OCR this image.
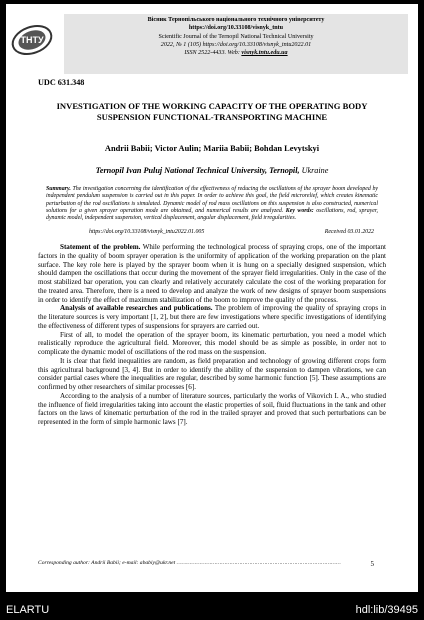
ТНТУ
Вісник Тернопільського національного технічного університету
https://doi.org/10.33108/visnyk_tntu
Scientific Journal of the Ternopil National Technical University
2022, № 1 (105) https://doi.org/10.33108/visnyk_tntu2022.01
ISSN 2522-4433. Web: visnyk.tntu.edu.ua
UDC 631.348
INVESTIGATION OF THE WORKING CAPACITY OF THE OPERATING BODY SUSPENSION FUNCTIONAL-TRANSPORTING MACHINE
Andrii Babii; Victor Aulin; Mariia Babii; Bohdan Levytskyi
Ternopil Ivan Puluj National Technical University, Ternopil, Ukraine
Summary. The investigation concerning the identification of the effectiveness of reducing the oscillations of the sprayer boom developed by independent pendulum suspension is carried out in this paper. In order to achieve this goal, the field microrelief, which creates kinematic perturbation of the rod oscillations is simulated. Dynamic model of rod mass oscillations on this suspension is also constructed, numerical solutions for a given sprayer operation mode are obtained, and numerical results are analyzed. Key words: oscillations, rod, sprayer, dynamic model, independent suspension, vertical displacement, angular displacement, field irregularities.
https://doi.org/10.33108/visnyk_tntu2022.01.005	Received 03.01.2022

Statement of the problem. While performing the technological process of spraying crops, one of the important factors in the quality of boom sprayer operation is the uniformity of application of the working preparation on the plant surface. The key role here is played by the sprayer boom when it is hung on a specially designed suspension, which should dampen the oscillations that occur during the movement of the sprayer field irregularities. Only in the case of the most stabilized bar operation, you can clearly and relatively accurately calculate the cost of the working preparation for the treated area. Therefore, there is a need to develop and analyze the work of new designs of sprayer boom suspensions in order to identify the effect of maximum stabilization of the boom to improve the quality of the process.

Analysis of available researches and publications. The problem of improving the quality of spraying crops in the literature sources is very important [1, 2], but there are few investigations where specific investigations of identifying the effectiveness of different types of suspensions for sprayers are carried out.

First of all, to model the operation of the sprayer boom, its kinematic perturbation, you need a model which realistically reproduce the agricultural field. Moreover, this model should be as simple as possible, in order not to complicate the dynamic model of oscillations of the rod mass on the suspension.

It is clear that field inequalities are random, as field preparation and technology of growing different crops form this agricultural background [3, 4]. But in order to identify the ability of the suspension to dampen vibrations, we can consider partial cases where the inequalities are regular, described by some harmonic function [5]. These assumptions are confirmed by other researchers of similar processes [6].

According to the analysis of a number of literature sources, particularly the works of Vikovich I. A., who studied the influence of field irregularities taking into account the elastic properties of soil, fluid fluctuations in the tank and other factors on the laws of kinematic perturbation of the rod in the trailed sprayer and proved that such perturbations can be represented in the form of simple harmonic laws [7].

Corresponding author: Andrii Babii; e-mail: ababiy@ukr.net ………………………………………………………………………………………	5
ELARTU	hdl:lib/39495
